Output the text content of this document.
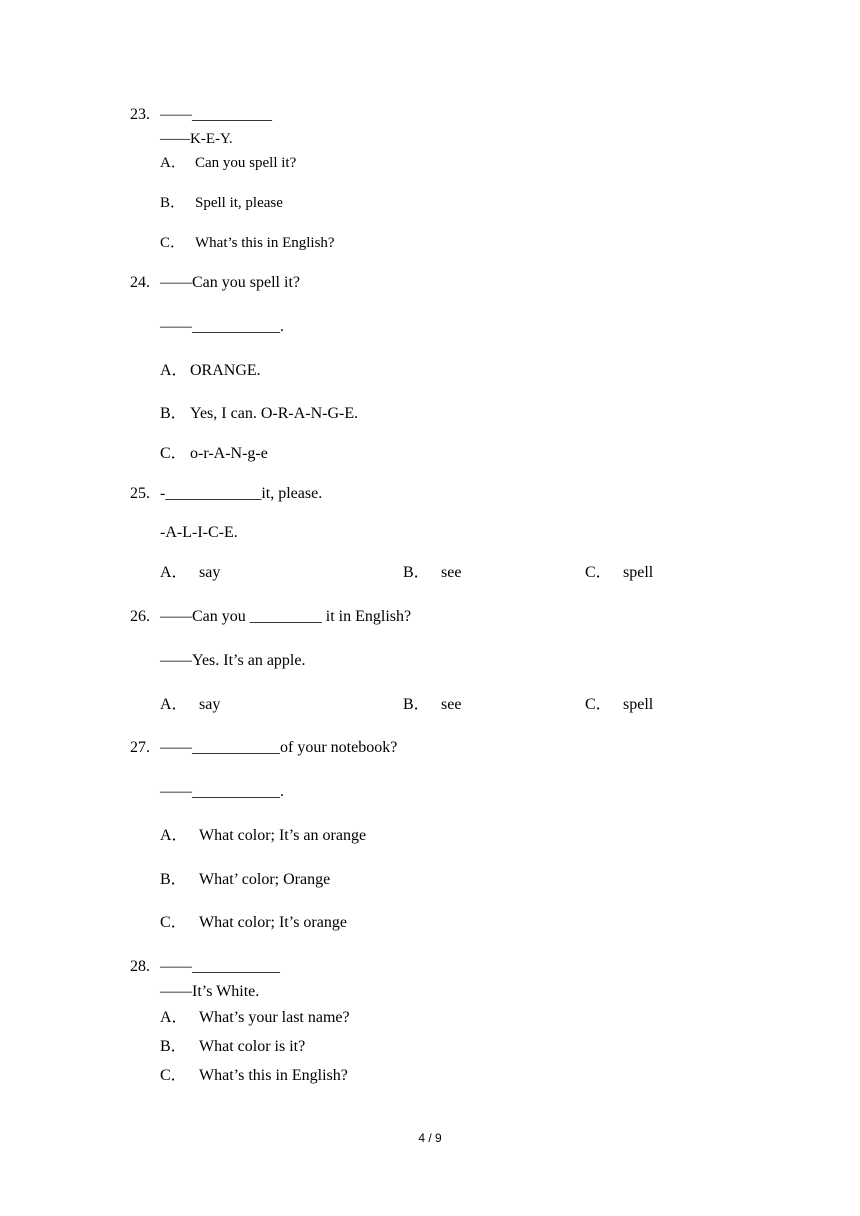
23. ——__________
——K-E-Y.
A． Can you spell it?
B． Spell it, please
C． What’s this in English?
24. ——Can you spell it?
——___________.
A． ORANGE.
B． Yes, I can. O-R-A-N-G-E.
C． o-r-A-N-g-e
25. -____________it, please.
-A-L-I-C-E.
A． say	B． see	C． spell
26. ——Can you _________ it in English?
——Yes. It’s an apple.
A． say	B． see	C． spell
27. ——___________of your notebook?
——___________.
A． What color; It’s an orange
B． What’ color; Orange
C． What color; It’s orange
28. ——___________
——It’s White.
A． What’s your last name?
B． What color is it?
C． What’s this in English?
4 / 9
